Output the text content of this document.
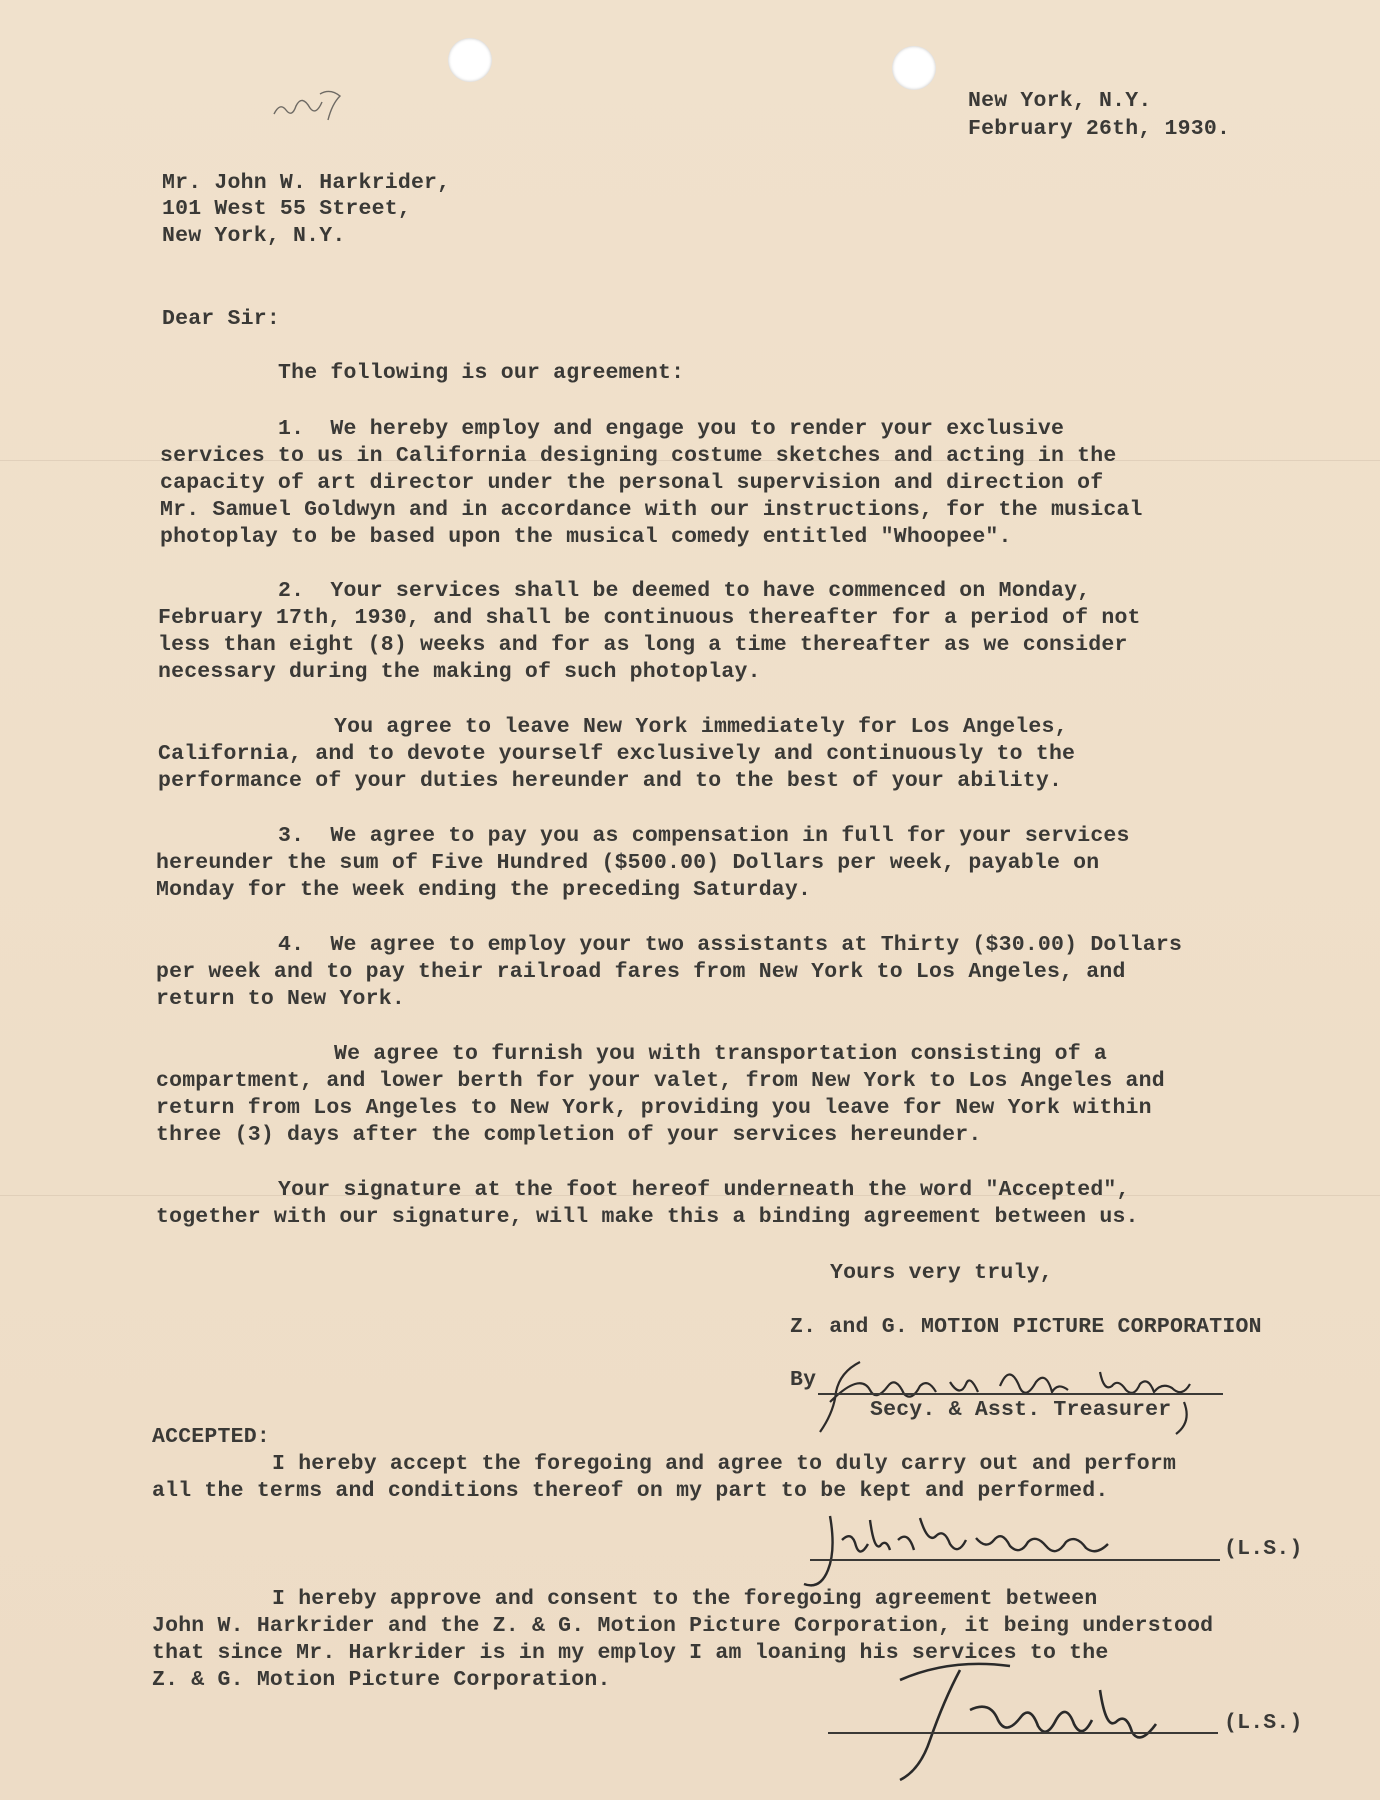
New York, N.Y.
February 26th, 1930.
Mr. John W. Harkrider,
101 West 55 Street,
New York, N.Y.
Dear Sir:
The following is our agreement:
1.  We hereby employ and engage you to render your exclusive
services to us in California designing costume sketches and acting in the
capacity of art director under the personal supervision and direction of
Mr. Samuel Goldwyn and in accordance with our instructions, for the musical
photoplay to be based upon the musical comedy entitled "Whoopee".
2.  Your services shall be deemed to have commenced on Monday,
February 17th, 1930, and shall be continuous thereafter for a period of not
less than eight (8) weeks and for as long a time thereafter as we consider
necessary during the making of such photoplay.
You agree to leave New York immediately for Los Angeles,
California, and to devote yourself exclusively and continuously to the
performance of your duties hereunder and to the best of your ability.
3.  We agree to pay you as compensation in full for your services
hereunder the sum of Five Hundred ($500.00) Dollars per week, payable on
Monday for the week ending the preceding Saturday.
4.  We agree to employ your two assistants at Thirty ($30.00) Dollars
per week and to pay their railroad fares from New York to Los Angeles, and
return to New York.
We agree to furnish you with transportation consisting of a
compartment, and lower berth for your valet, from New York to Los Angeles and
return from Los Angeles to New York, providing you leave for New York within
three (3) days after the completion of your services hereunder.
Your signature at the foot hereof underneath the word "Accepted",
together with our signature, will make this a binding agreement between us.
Yours very truly,
Z. and G. MOTION PICTURE CORPORATION
By
Secy. & Asst. Treasurer
ACCEPTED:
I hereby accept the foregoing and agree to duly carry out and perform
all the terms and conditions thereof on my part to be kept and performed.
(L.S.)
I hereby approve and consent to the foregoing agreement between
John W. Harkrider and the Z. & G. Motion Picture Corporation, it being understood
that since Mr. Harkrider is in my employ I am loaning his services to the
Z. & G. Motion Picture Corporation.
(L.S.)
